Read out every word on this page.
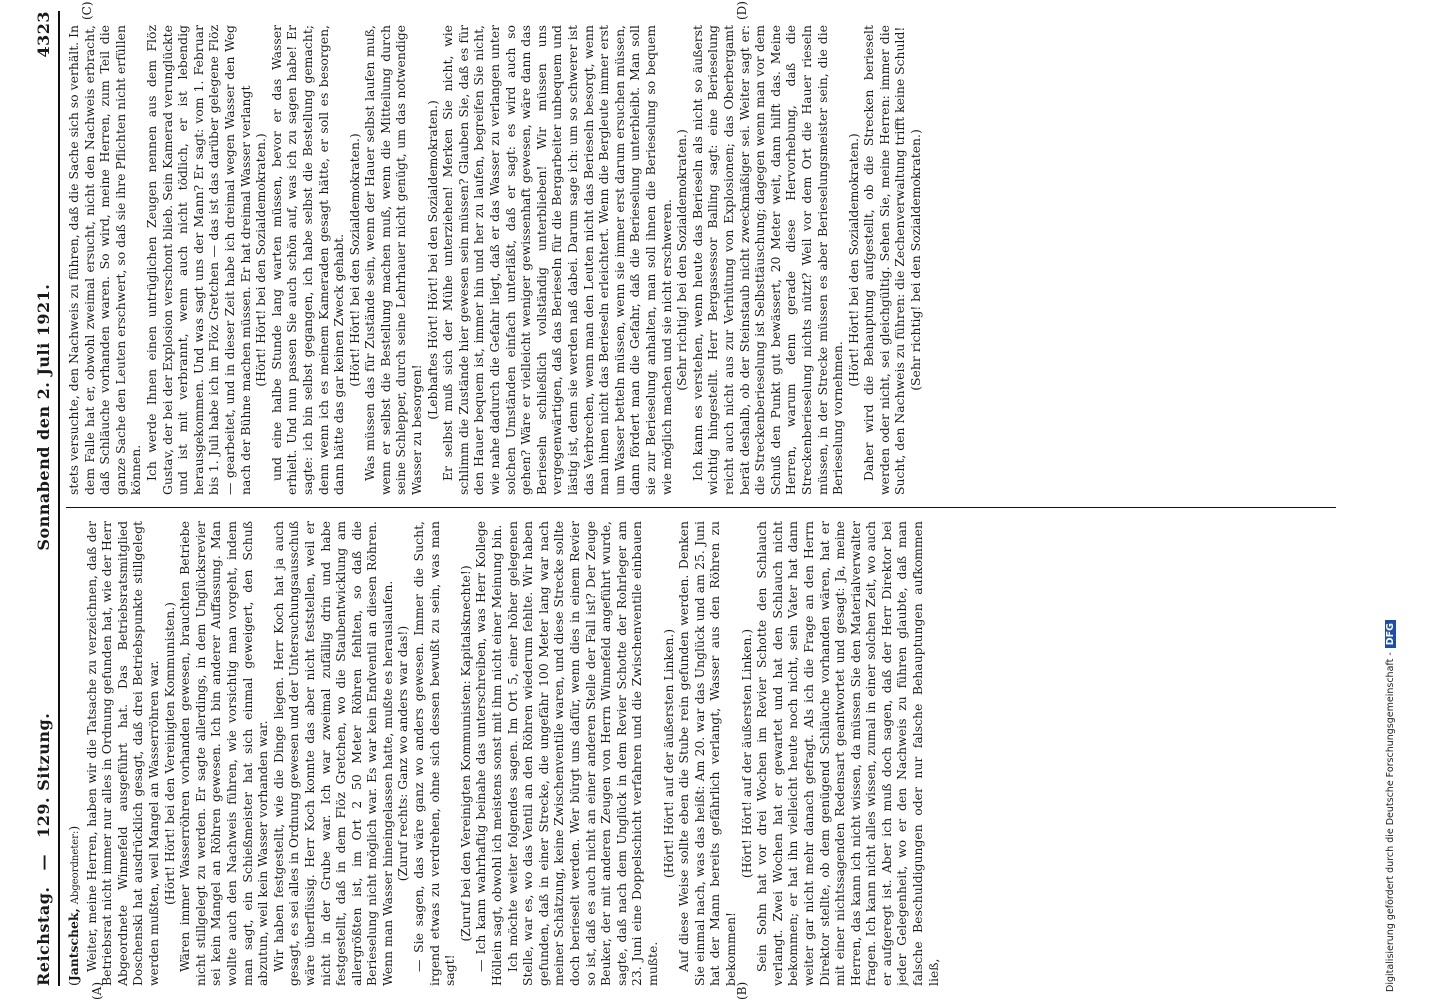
Reichstag. — 129. Sitzung.
Sonnabend den 2. Juli 1921. 4323
(A)	(B)
(C)	(D)
(Jantschek, Abgeordneter:) Weiter, meine Herren, haben wir die Tatsache zu verzeichnen, daß der Betriebsrat nicht immer nur alles in Ordnung gefunden hat, wie der Herr Abgeordnete Winnefeld ausgeführt hat. Das Betriebsratsmitglied Doschenski hat ausdrücklich gesagt, daß drei Betriebspunkte stillgelegt werden mußten, weil Mangel an Wasserröhren war. (Hört! Hört! bei den Vereinigten Kommunisten.) Wären immer Wasserröhren vorhanden gewesen, brauchten Betriebe nicht stillgelegt zu werden. Er sagte allerdings, in dem Unglücksrevier sei kein Mangel an Röhren gewesen. Ich bin anderer Auffassung. Man wollte auch den Nachweis führen, wie vorsichtig man vorgeht, indem man sagt, ein Schießmeister hat sich einmal geweigert, den Schuß abzutun, weil kein Wasser vorhanden war. Wir haben festgestellt, wie die Dinge liegen. Herr Koch hat ja auch gesagt, es sei alles in Ordnung gewesen und der Untersuchungsausschuß wäre überflüssig. Herr Koch konnte das aber nicht feststellen, weil er nicht in der Grube war. Ich war zweimal zufällig drin und habe festgestellt, daß in dem Flöz Gretchen, wo die Staubentwicklung am allergrößten ist, im Ort 2 50 Meter Röhren fehlten, so daß die Berieselung nicht möglich war. Es war kein Endventil an diesen Röhren. Wenn man Wasser hineingelassen hatte, mußte es herauslaufen. (Zuruf rechts: Ganz wo anders war das!) — Sie sagen, das wäre ganz wo anders gewesen. Immer die Sucht, irgend etwas zu verdrehen, ohne sich dessen bewußt zu sein, was man sagt!

(Zuruf bei den Vereinigten Kommunisten: Kapitalsknechte!) — Ich kann wahrhaftig beinahe das unterschreiben, was Herr Kollege Höllein sagt, obwohl ich meistens sonst mit ihm nicht einer Meinung bin. Ich möchte weiter folgendes sagen. Im Ort 5, einer höher gelegenen Stelle, war es, wo das Ventil an den Röhren wiederum fehlte. Wir haben gefunden, daß in einer Strecke, die ungefähr 100 Meter lang war nach meiner Schätzung, keine Zwischenventile waren, und diese Strecke sollte doch berieselt werden. Wer bürgt uns dafür, wenn dies in einem Revier so ist, daß es auch nicht an einer anderen Stelle der Fall ist? Der Zeuge Beuker, der mit anderen Zeugen von Herrn Winnefeld angeführt wurde, sagte, daß nach dem Unglück in dem Revier Schotte der Rohrleger am 23. Juni eine Doppelschicht verfahren und die Zwischenventile einbauen mußte.

(Hört! Hört! auf der äußersten Linken.) Auf diese Weise sollte eben die Stube rein gefunden werden. Denken Sie einmal nach, was das heißt: Am 20. war das Unglück und am 25. Juni hat der Mann bereits gefährlich verlangt, Wasser aus den Röhren zu bekommen!

(Hört! Hört! auf der äußersten Linken.) Sein Sohn hat vor drei Wochen im Revier Schotte den Schlauch verlangt. Zwei Wochen hat er gewartet und hat den Schlauch nicht bekommen; er hat ihn vielleicht heute noch nicht, sein Vater hat dann weiter gar nicht mehr danach gefragt. Als ich die Frage an den Herrn Direktor stellte, ob dem genügend Schläuche vorhanden wären, hat er mit einer nichtssagenden Redensart geantwortet und gesagt: Ja, meine Herren, das kann ich nicht wissen, da müssen Sie den Materialverwalter fragen. Ich kann nicht alles wissen, zumal in einer solchen Zeit, wo auch er aufgeregt ist. Aber ich muß doch sagen, daß der Herr Direktor bei jeder Gelegenheit, wo er den Nachweis zu führen glaubte, daß man falsche Beschuldigungen oder nur falsche Behauptungen aufkommen ließ,

stets versuchte, den Nachweis zu führen, daß die Sache sich so verhält. In dem Falle hat er, obwohl zweimal ersucht, nicht den Nachweis erbracht, daß Schläuche vorhanden waren. So wird, meine Herren, zum Teil die ganze Sache den Leuten erschwert, so daß sie ihre Pflichten nicht erfüllen können. Ich werde Ihnen einen untrüglichen Zeugen nennen aus dem Flöz Gustav, der bei der Explosion verschont blieb. Sein Kamerad verunglückte und ist mit verbrannt, wenn auch nicht tödlich, er ist lebendig herausgekommen. Und was sagt uns der Mann? Er sagt: vom 1. Februar bis 1. Juli habe ich im Flöz Gretchen — das ist das darüber gelegene Flöz — gearbeitet, und in dieser Zeit habe ich dreimal wegen Wasser den Weg nach der Bühne machen müssen. Er hat dreimal Wasser verlangt (Hört! Hört! bei den Sozialdemokraten.) und eine halbe Stunde lang warten müssen, bevor er das Wasser erhielt. Und nun passen Sie auch schön auf, was ich zu sagen habe! Er sagte: ich bin selbst gegangen, ich habe selbst die Bestellung gemacht; denn wenn ich es meinem Kameraden gesagt hätte, er soll es besorgen, dann hätte das gar keinen Zweck gehabt. (Hört! Hört! bei den Sozialdemokraten.) Was müssen das für Zustände sein, wenn der Hauer selbst laufen muß, wenn er selbst die Bestellung machen muß, wenn die Mitteilung durch seine Schlepper, durch seine Lehrhauer nicht genügt, um das notwendige Wasser zu besorgen!

(Lebhaftes Hört! Hört! bei den Sozialdemokraten.) Er selbst muß sich der Mühe unterziehen! Merken Sie nicht, wie schlimm die Zustände hier gewesen sein müssen? Glauben Sie, daß es für den Hauer bequem ist, immer hin und her zu laufen, begreifen Sie nicht, wie nahe dadurch die Gefahr liegt, daß er das Wasser zu verlangen unter solchen Umständen einfach unterläßt, daß er sagt: es wird auch so gehen? Wäre er vielleicht weniger gewissenhaft gewesen, wäre dann das Berieseln schließlich vollständig unterblieben! Wir müssen uns vergegenwärtigen, daß das Berieseln für die Bergarbeiter unbequem und lästig ist, denn sie werden naß dabei. Darum sage ich: um so schwerer ist das Verbrechen, wenn man den Leuten nicht das Berieseln besorgt, wenn man ihnen nicht das Berieseln erleichtert. Wenn die Bergleute immer erst um Wasser betteln müssen, wenn sie immer erst darum ersuchen müssen, dann fördert man die Gefahr, daß die Berieselung unterbleibt. Man soll sie zur Berieselung anhalten, man soll ihnen die Berieselung so bequem wie möglich machen und sie nicht erschweren. (Sehr richtig! bei den Sozialdemokraten.) Ich kann es verstehen, wenn heute das Berieseln als nicht so äußerst wichtig hingestellt. Herr Bergassessor Balling sagt: eine Berieselung reicht auch nicht aus zur Verhütung von Explosionen; das Oberbergamt berät deshalb, ob der Steinstaub nicht zweckmäßiger sei. Weiter sagt er: die Streckenberieselung ist Selbsttäuschung; dagegen wenn man vor dem Schuß den Punkt gut bewässert, 20 Meter weit, dann hilft das. Meine Herren, warum denn gerade diese Hervorhebung, daß die Streckenberieselung nichts nützt? Weil vor dem Ort die Hauer rieseln müssen, in der Strecke müssen es aber Berieselungsmeister sein, die die Berieselung vornehmen.

(Hört! Hört! bei den Sozialdemokraten.) Daher wird die Behauptung aufgestellt, ob die Strecken berieselt werden oder nicht, sei gleichgültig. Sehen Sie, meine Herren: immer die Sucht, den Nachweis zu führen: die Zechenverwaltung trifft keine Schuld! (Sehr richtig! bei den Sozialdemokraten.)

Digitalisierung gefördert durch die Deutsche Forschungsgemeinschaft -DFG
